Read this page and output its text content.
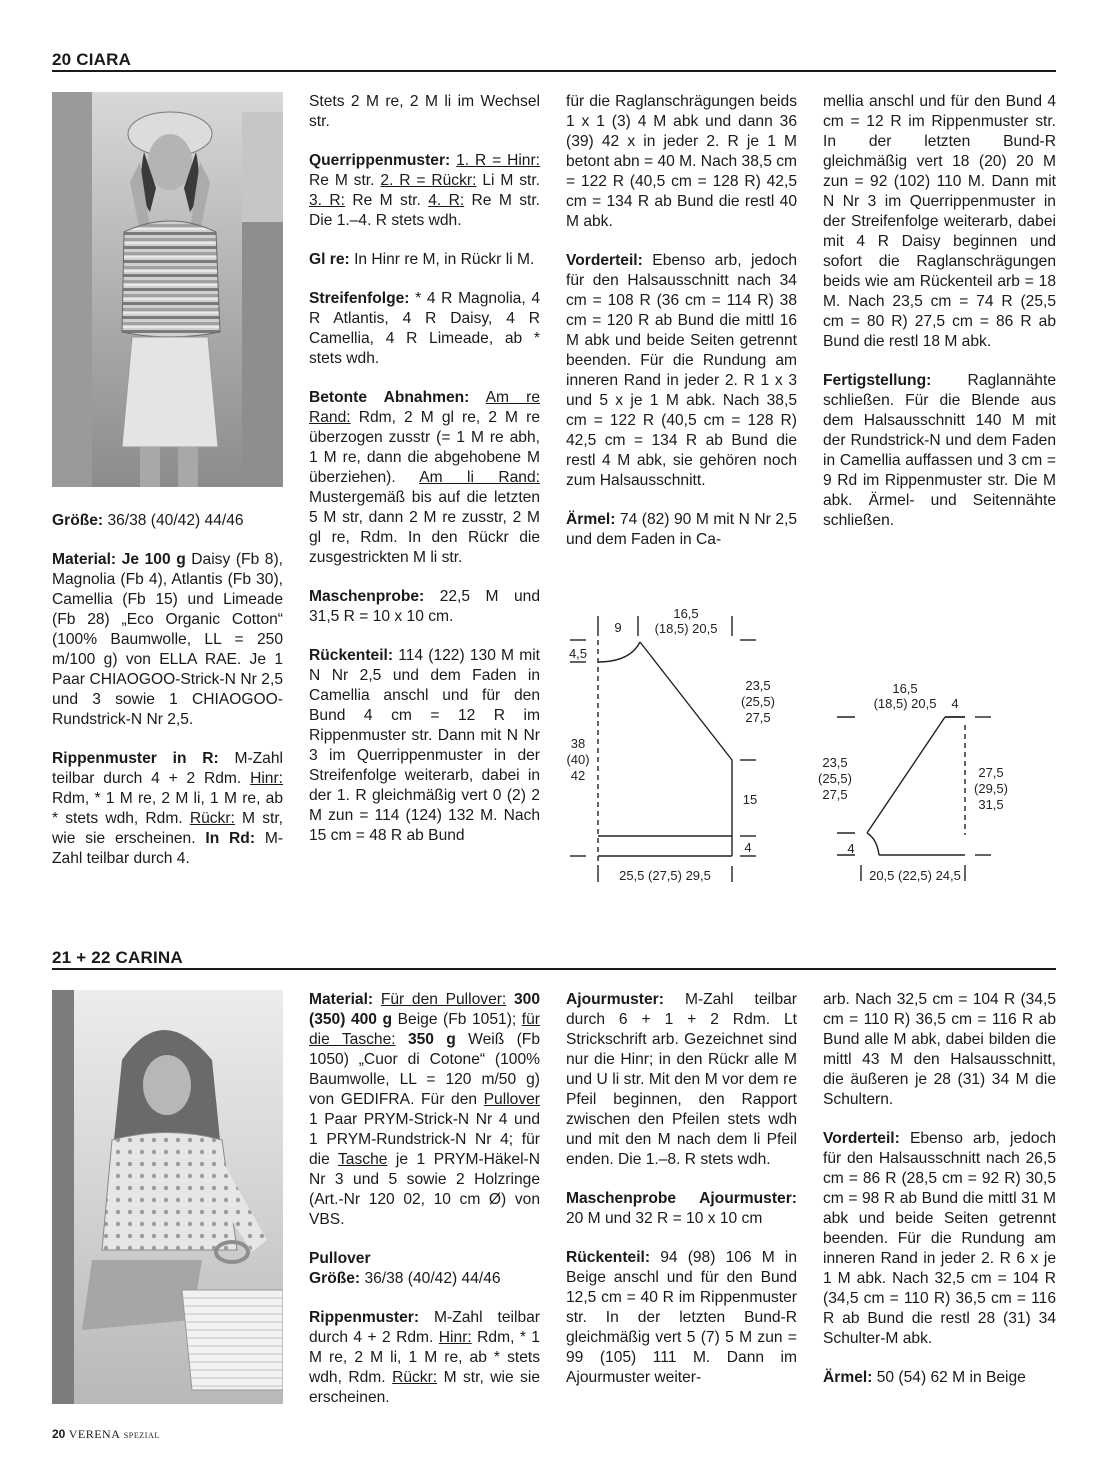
20 CIARA

Größe: 36/38 (40/42) 44/46

Material: Je 100 g Daisy (Fb 8), Magnolia (Fb 4), Atlantis (Fb 30), Camellia (Fb 15) und Limeade (Fb 28) „Eco Organic Cotton“ (100% Baumwolle, LL = 250 m/100 g) von ELLA RAE. Je 1 Paar CHIAOGOO-Strick-N Nr 2,5 und 3 sowie 1 CHIAOGOO-Rundstrick-N Nr 2,5.

Rippenmuster in R: M-Zahl teilbar durch 4 + 2 Rdm. Hinr: Rdm, * 1 M re, 2 M li, 1 M re, ab * stets wdh, Rdm. Rückr: M str, wie sie erscheinen. In Rd: M-Zahl teilbar durch 4.

Stets 2 M re, 2 M li im Wechsel str.

Querrippenmuster: 1. R = Hinr: Re M str. 2. R = Rückr: Li M str. 3. R: Re M str. 4. R: Re M str. Die 1.–4. R stets wdh.

Gl re: In Hinr re M, in Rückr li M.

Streifenfolge: * 4 R Magnolia, 4 R Atlantis, 4 R Daisy, 4 R Camellia, 4 R Limeade, ab * stets wdh.

Betonte Abnahmen: Am re Rand: Rdm, 2 M gl re, 2 M re überzogen zusstr (= 1 M re abh, 1 M re, dann die abgehobene M überziehen). Am li Rand: Mustergemäß bis auf die letzten 5 M str, dann 2 M re zusstr, 2 M gl re, Rdm. In den Rückr die zusgestrickten M li str.

Maschenprobe: 22,5 M und 31,5 R = 10 x 10 cm.

Rückenteil: 114 (122) 130 M mit N Nr 2,5 und dem Faden in Camellia anschl und für den Bund 4 cm = 12 R im Rippenmuster str. Dann mit N Nr 3 im Querrippenmuster in der Streifenfolge weiterarb, dabei in der 1. R gleichmäßig vert 0 (2) 2 M zun = 114 (124) 132 M. Nach 15 cm = 48 R ab Bund

für die Raglanschrägungen beids 1 x 1 (3) 4 M abk und dann 36 (39) 42 x in jeder 2. R je 1 M betont abn = 40 M. Nach 38,5 cm = 122 R (40,5 cm = 128 R) 42,5 cm = 134 R ab Bund die restl 40 M abk.

Vorderteil: Ebenso arb, jedoch für den Halsausschnitt nach 34 cm = 108 R (36 cm = 114 R) 38 cm = 120 R ab Bund die mittl 16 M abk und beide Seiten getrennt beenden. Für die Rundung am inneren Rand in jeder 2. R 1 x 3 und 5 x je 1 M abk. Nach 38,5 cm = 122 R (40,5 cm = 128 R) 42,5 cm = 134 R ab Bund die restl 4 M abk, sie gehören noch zum Halsausschnitt.

Ärmel: 74 (82) 90 M mit N Nr 2,5 und dem Faden in Ca-

mellia anschl und für den Bund 4 cm = 12 R im Rippenmuster str. In der letzten Bund-R gleichmäßig vert 18 (20) 20 M zun = 92 (102) 110 M. Dann mit N Nr 3 im Querrippenmuster in der Streifenfolge weiterarb, dabei mit 4 R Daisy beginnen und sofort die Raglanschrägungen beids wie am Rückenteil arb = 18 M. Nach 23,5 cm = 74 R (25,5 cm = 80 R) 27,5 cm = 86 R ab Bund die restl 18 M abk.

Fertigstellung: Raglannähte schließen. Für die Blende aus dem Halsausschnitt 140 M mit der Rundstrick-N und dem Faden in Camellia auffassen und 3 cm = 9 Rd im Rippenmuster str. Die M abk. Ärmel- und Seitennähte schließen.

9
16,5
(18,5) 20,5
4,5
23,5
(25,5)
27,5
38
(40)
42
15
4
25,5 (27,5) 29,5
16,5
(18,5) 20,5 4
23,5
(25,5)
27,5
27,5
(29,5)
31,5
4
20,5 (22,5) 24,5
21 + 22 CARINA

Material: Für den Pullover: 300 (350) 400 g Beige (Fb 1051); für die Tasche: 350 g Weiß (Fb 1050) „Cuor di Cotone“ (100% Baumwolle, LL = 120 m/50 g) von GEDIFRA. Für den Pullover 1 Paar PRYM-Strick-N Nr 4 und 1 PRYM-Rundstrick-N Nr 4; für die Tasche je 1 PRYM-Häkel-N Nr 3 und 5 sowie 2 Holzringe (Art.-Nr 120 02, 10 cm Ø) von VBS.

Pullover
Größe: 36/38 (40/42) 44/46

Rippenmuster: M-Zahl teilbar durch 4 + 2 Rdm. Hinr: Rdm, * 1 M re, 2 M li, 1 M re, ab * stets wdh, Rdm. Rückr: M str, wie sie erscheinen.

Ajourmuster: M-Zahl teilbar durch 6 + 1 + 2 Rdm. Lt Strickschrift arb. Gezeichnet sind nur die Hinr; in den Rückr alle M und U li str. Mit den M vor dem re Pfeil beginnen, den Rapport zwischen den Pfeilen stets wdh und mit den M nach dem li Pfeil enden. Die 1.–8. R stets wdh.

Maschenprobe Ajourmuster: 20 M und 32 R = 10 x 10 cm

Rückenteil: 94 (98) 106 M in Beige anschl und für den Bund 12,5 cm = 40 R im Rippenmuster str. In der letzten Bund-R gleichmäßig vert 5 (7) 5 M zun = 99 (105) 111 M. Dann im Ajourmuster weiter-

arb. Nach 32,5 cm = 104 R (34,5 cm = 110 R) 36,5 cm = 116 R ab Bund alle M abk, dabei bilden die mittl 43 M den Halsausschnitt, die äußeren je 28 (31) 34 M die Schultern.

Vorderteil: Ebenso arb, jedoch für den Halsausschnitt nach 26,5 cm = 86 R (28,5 cm = 92 R) 30,5 cm = 98 R ab Bund die mittl 31 M abk und beide Seiten getrennt beenden. Für die Rundung am inneren Rand in jeder 2. R 6 x je 1 M abk. Nach 32,5 cm = 104 R (34,5 cm = 110 R) 36,5 cm = 116 R ab Bund die restl 28 (31) 34 Schulter-M abk.

Ärmel: 50 (54) 62 M in Beige

20 VERENA SPEZIAL
